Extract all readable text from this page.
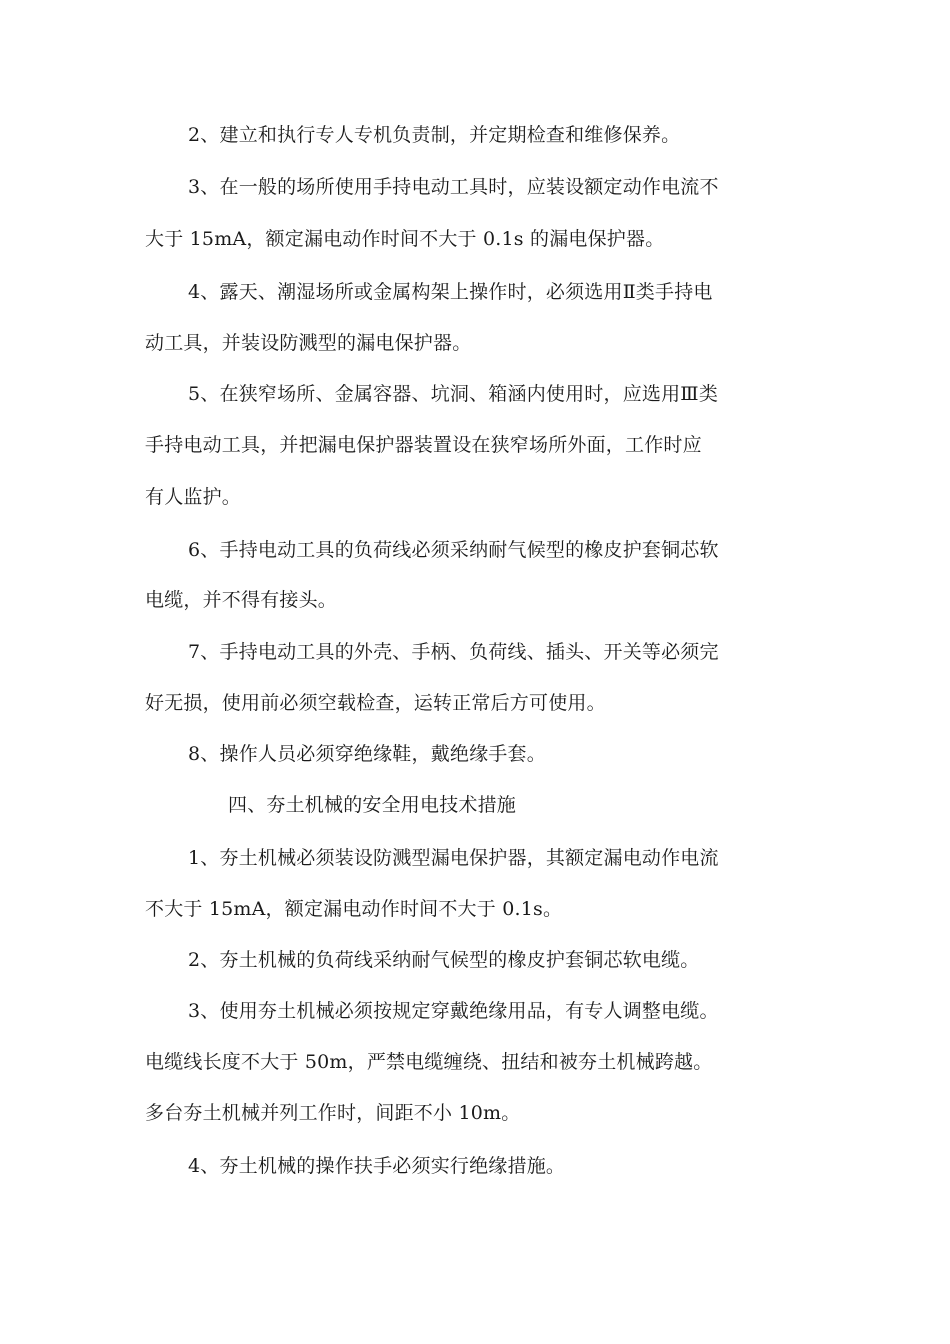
2、建立和执行专人专机负责制，并定期检查和维修保养。
3、在一般的场所使用手持电动工具时，应装设额定动作电流不
大于 15mA，额定漏电动作时间不大于 0.1s 的漏电保护器。
4、露天、潮湿场所或金属构架上操作时，必须选用Ⅱ类手持电
动工具，并装设防溅型的漏电保护器。
5、在狭窄场所、金属容器、坑洞、箱涵内使用时，应选用Ⅲ类
手持电动工具，并把漏电保护器装置设在狭窄场所外面，工作时应
有人监护。
6、手持电动工具的负荷线必须采纳耐气候型的橡皮护套铜芯软
电缆，并不得有接头。
7、手持电动工具的外壳、手柄、负荷线、插头、开关等必须完
好无损，使用前必须空载检查，运转正常后方可使用。
8、操作人员必须穿绝缘鞋，戴绝缘手套。
四、夯土机械的安全用电技术措施
1、夯土机械必须装设防溅型漏电保护器，其额定漏电动作电流
不大于 15mA，额定漏电动作时间不大于 0.1s。
2、夯土机械的负荷线采纳耐气候型的橡皮护套铜芯软电缆。
3、使用夯土机械必须按规定穿戴绝缘用品，有专人调整电缆。
电缆线长度不大于 50m，严禁电缆缠绕、扭结和被夯土机械跨越。
多台夯土机械并列工作时，间距不小 10m。
4、夯土机械的操作扶手必须实行绝缘措施。
